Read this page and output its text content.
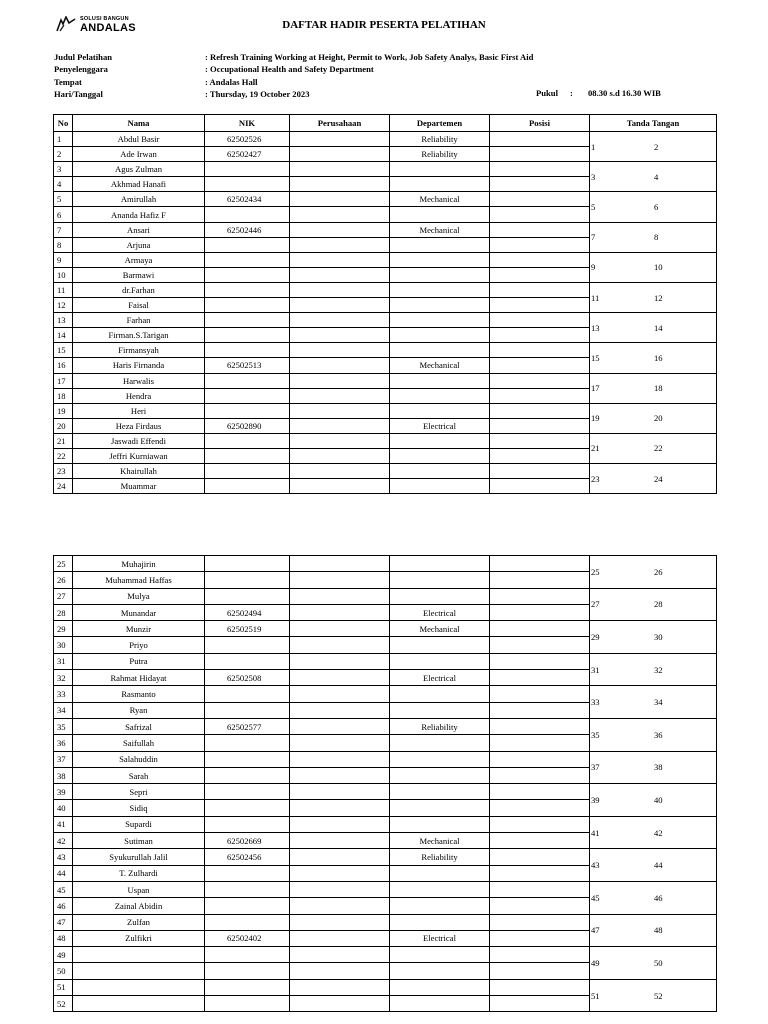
SOLUSI BANGUN
ANDALAS	DAFTAR HADIR PESERTA PELATIHAN
Judul Pelatihan	: Refresh Training Working at Height, Permit to Work, Job Safety Analys, Basic First Aid
Penyelenggara	: Occupational Health and Safety Department
Tempat	: Andalas Hall
Hari/Tanggal	: Thursday, 19 October 2023	Pukul : 08.30 s.d 16.30 WIB
No	Nama	NIK	Perusahaan	Departemen	Posisi	Tanda Tangan
1	Abdul Basir	62502526		Reliability		1 2

2	Ade Irwan	62502427		Reliability		
3	Agus Zulman					3 4

4	Akhmad Hanafi					
5	Amirullah	62502434		Mechanical		5 6

6	Ananda Hafiz F					
7	Ansari	62502446		Mechanical		7 8

8	Arjuna					
9	Armaya					9 10

10	Barmawi					
11	dr.Farhan					11 12

12	Faisal					
13	Farhan					13 14

14	Firman.S.Tarigan					
15	Firmansyah					15 16

16	Haris Firnanda	62502513		Mechanical		
17	Harwalis					17 18

18	Hendra					
19	Heri					19 20

20	Heza Firdaus	62502890		Electrical		
21	Jaswadi Effendi					21 22

22	Jeffri Kurniawan					
23	Khairullah					23 24

24	Muammar					
25	Muhajirin					25 26

26	Muhammad Haffas					
27	Mulya					27 28

28	Munandar	62502494		Electrical		
29	Munzir	62502519		Mechanical		29 30

30	Priyo					
31	Putra					31 32

32	Rahmat Hidayat	62502508		Electrical		
33	Rasmanto					33 34

34	Ryan					
35	Safrizal	62502577		Reliability		35 36

36	Saifullah					
37	Salahuddin					37 38

38	Sarah					
39	Sepri					39 40

40	Sidiq					
41	Supardi					41 42

42	Sutiman	62502669		Mechanical		
43	Syukurullah Jalil	62502456		Reliability		43 44

44	T. Zulhardi					
45	Uspan					45 46

46	Zainal Abidin					
47	Zulfan					47 48

48	Zulfikri	62502402		Electrical		
49						49 50

50						
51						51 52

52						
